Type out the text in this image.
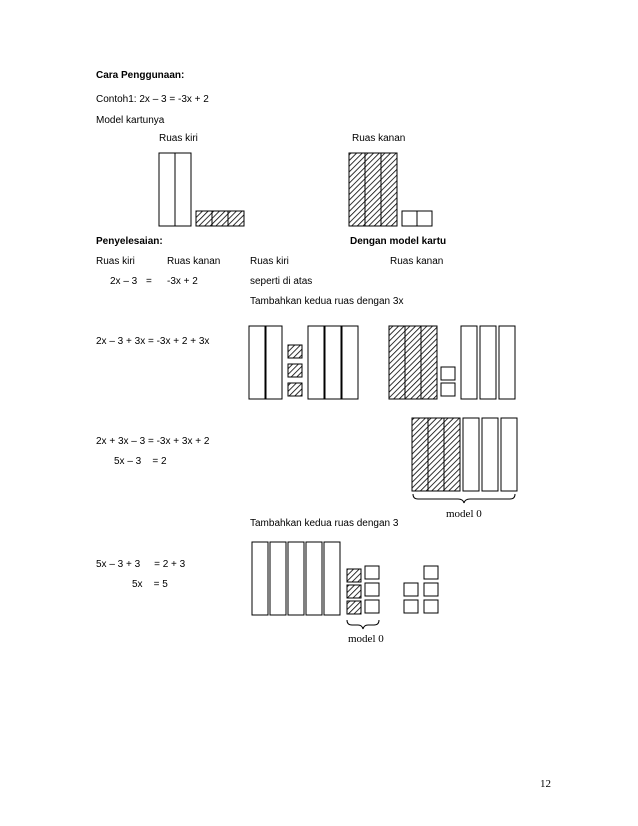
Cara Penggunaan:
Contoh1: 2x – 3 = -3x + 2
Model kartunya
Ruas kiri	Ruas kanan
Penyelesaian:	Dengan model kartu
Ruas kiri	Ruas kanan	Ruas kiri	Ruas kanan
2x – 3 = -3x + 2	seperti di atas
Tambahkan kedua ruas dengan 3x
2x – 3 + 3x = -3x + 2 + 3x
2x + 3x – 3 = -3x + 3x + 2
5x – 3    = 2
model 0
Tambahkan kedua ruas dengan 3
5x – 3 + 3     = 2 + 3
5x    = 5
model 0
12
